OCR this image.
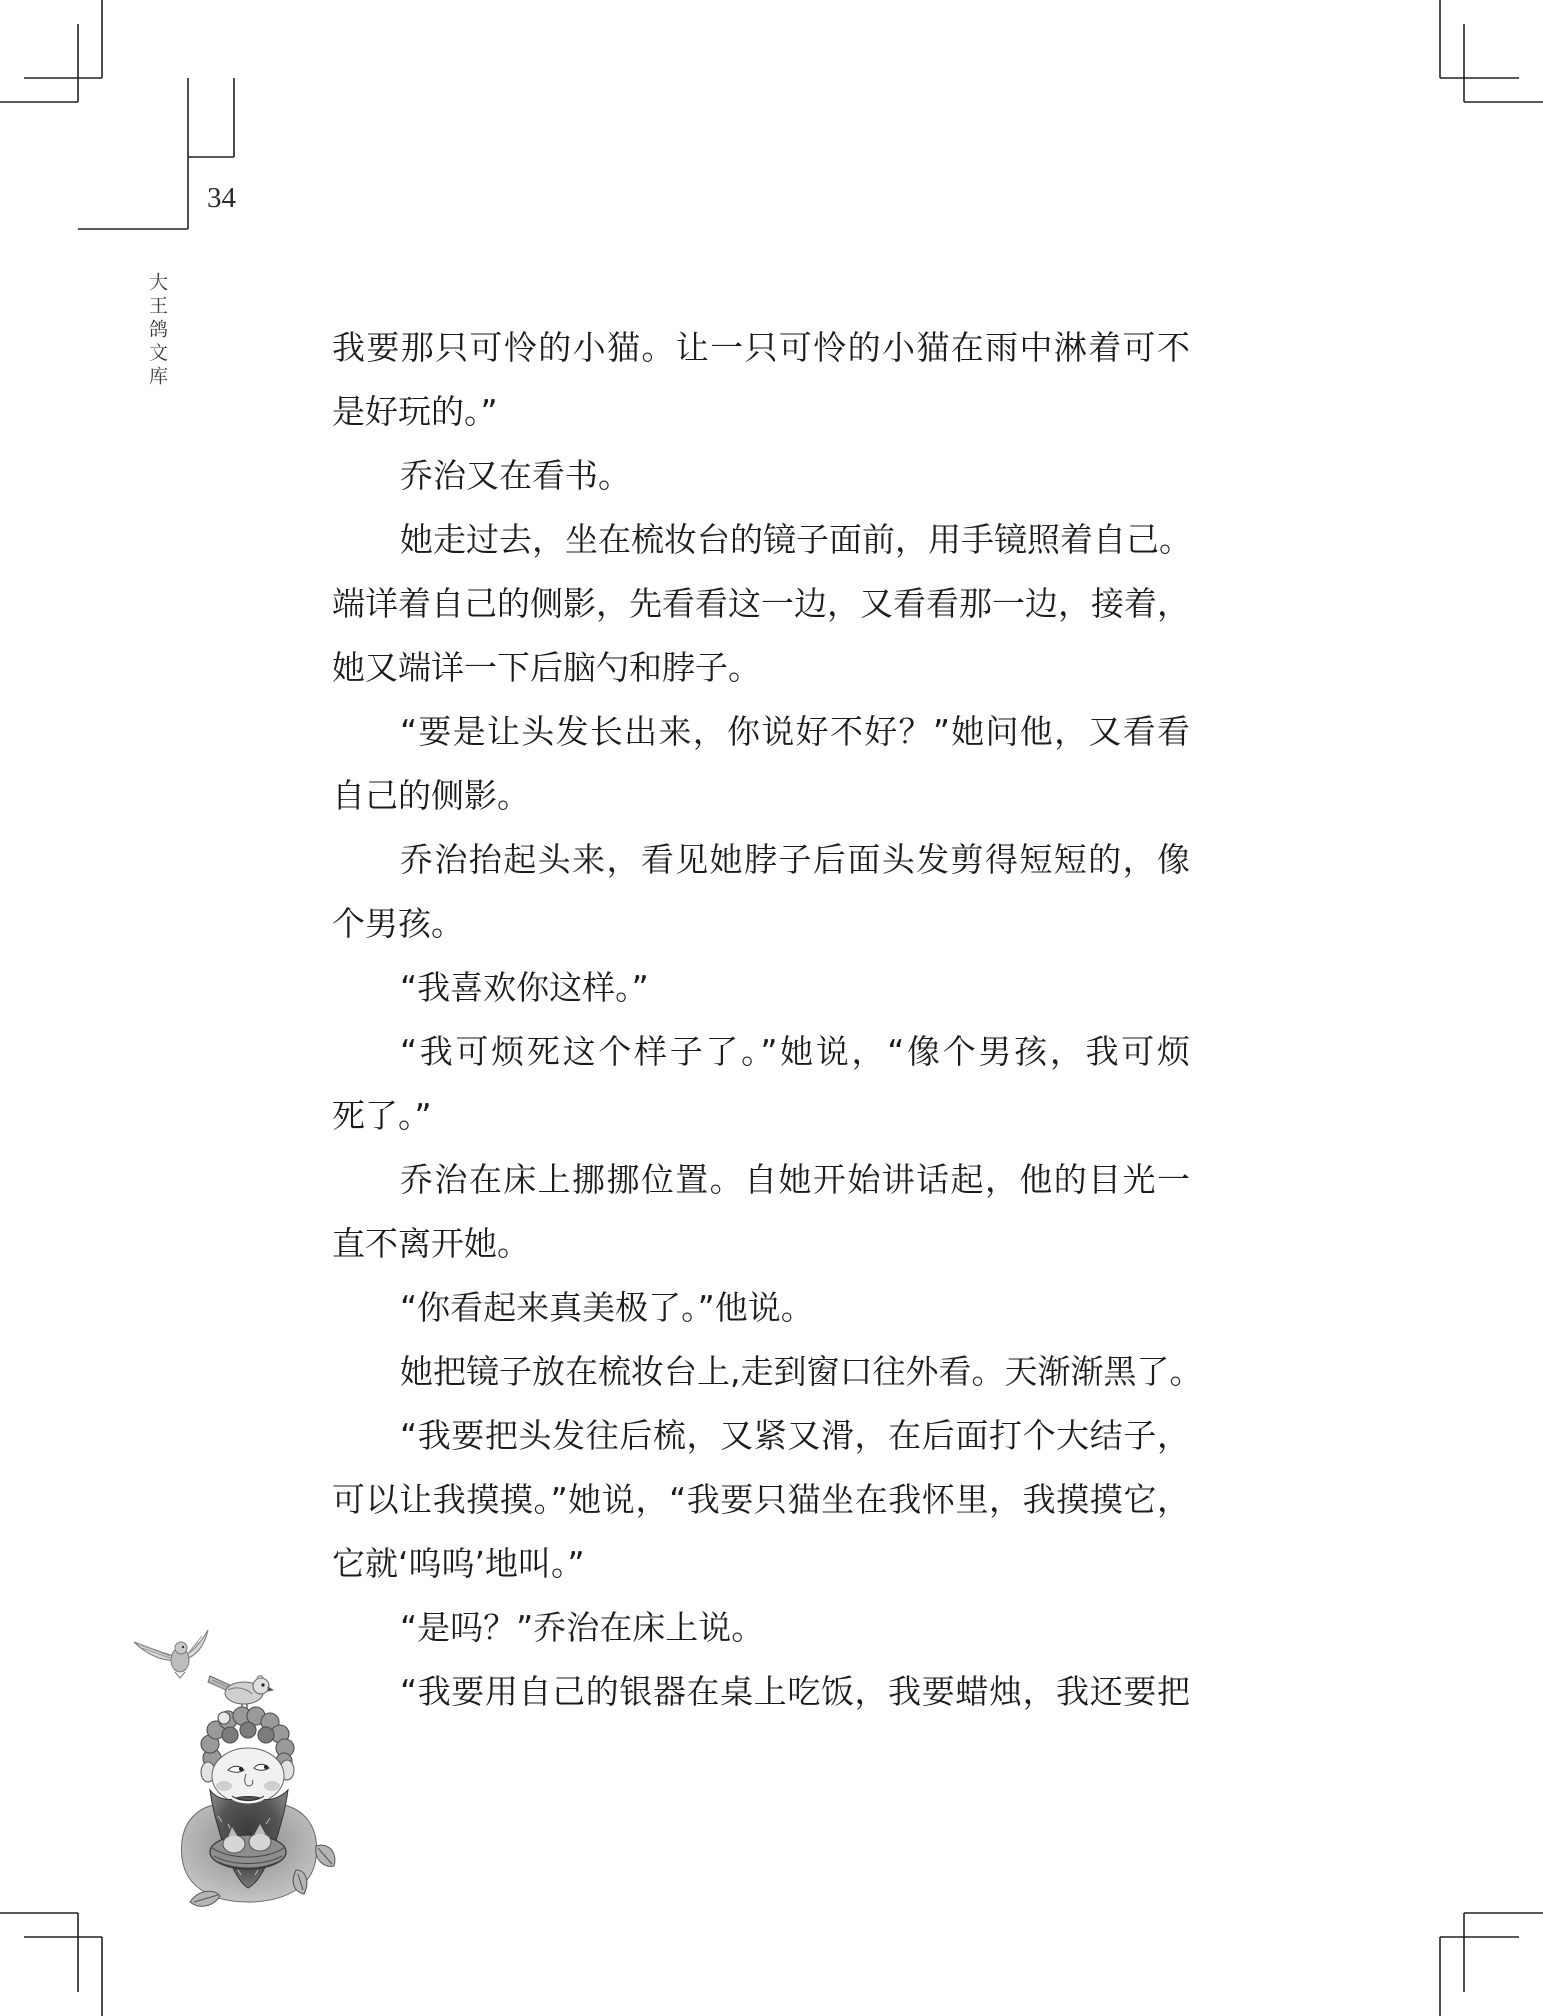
34
大王鸽文库	我要那只可怜的小猫。让一只可怜的小猫在雨中淋着可不
是好玩的。”
乔治又在看书。
她走过去，坐在梳妆台的镜子面前，用手镜照着自己。
端详着自己的侧影，先看看这一边，又看看那一边，接着，
她又端详一下后脑勺和脖子。
“要是让头发长出来，你说好不好？”她问他，又看看
自己的侧影。
乔治抬起头来，看见她脖子后面头发剪得短短的，像
个男孩。
“我喜欢你这样。”
“我可烦死这个样子了。”她说，“像个男孩，我可烦
死了。”
乔治在床上挪挪位置。自她开始讲话起，他的目光一
直不离开她。
“你看起来真美极了。”他说。
她把镜子放在梳妆台上,走到窗口往外看。天渐渐黑了。
“我要把头发往后梳，又紧又滑，在后面打个大结子，
可以让我摸摸。”她说，“我要只猫坐在我怀里，我摸摸它，
它就‘呜呜’地叫。”
“是吗？”乔治在床上说。
“我要用自己的银器在桌上吃饭，我要蜡烛，我还要把
